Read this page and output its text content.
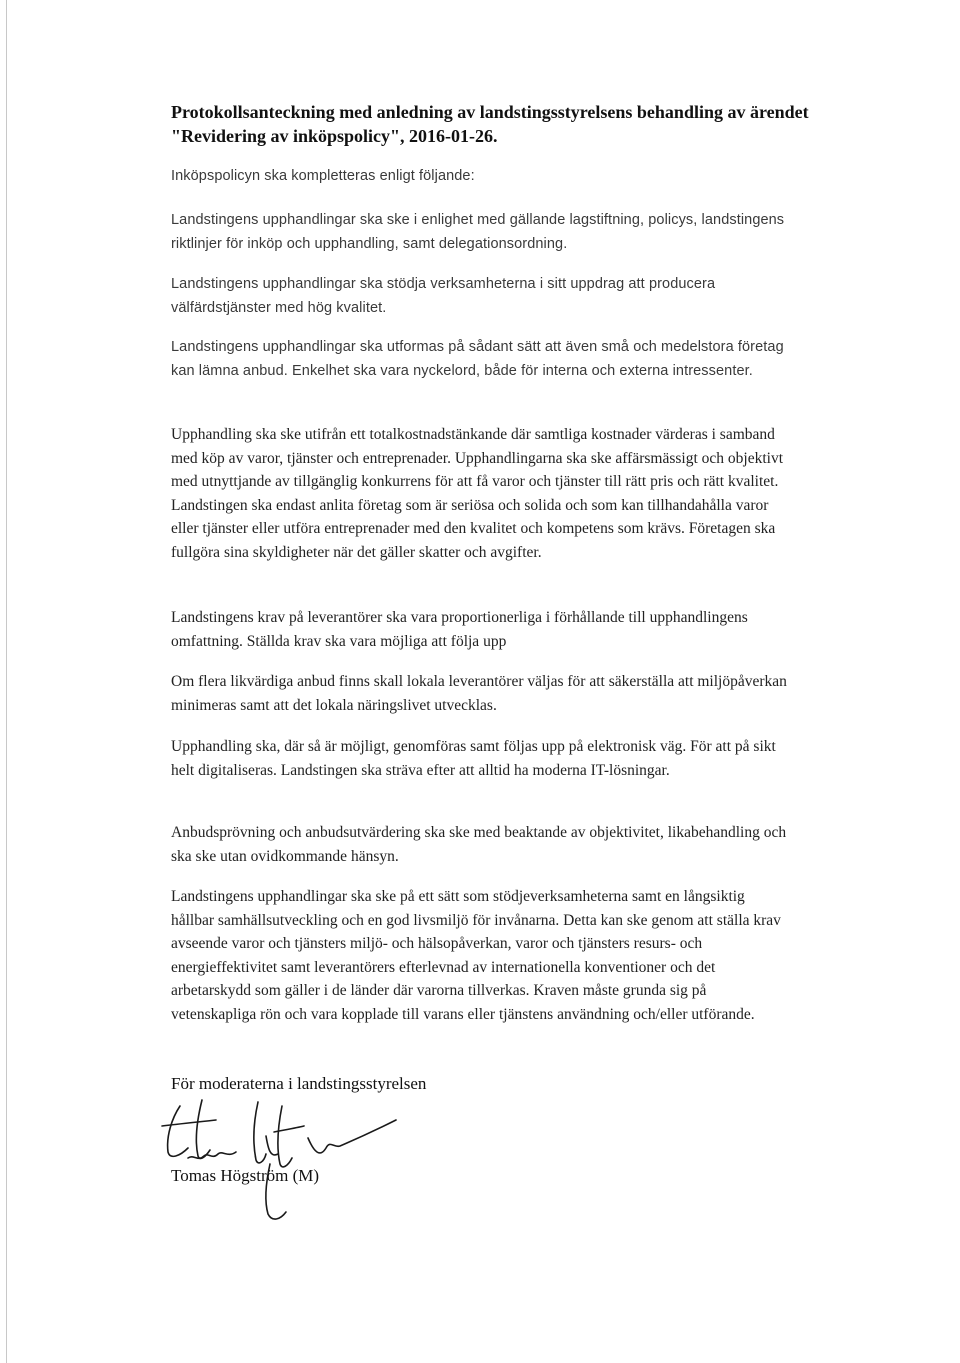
Protokollsanteckning med anledning av landstingsstyrelsens behandling av ärendet "Revidering av inköpspolicy", 2016-01-26.

Inköpspolicyn ska kompletteras enligt följande:

Landstingens upphandlingar ska ske i enlighet med gällande lagstiftning, policys, landstingens riktlinjer för inköp och upphandling, samt delegationsordning.

Landstingens upphandlingar ska stödja verksamheterna i sitt uppdrag att producera välfärdstjänster med hög kvalitet.

Landstingens upphandlingar ska utformas på sådant sätt att även små och medelstora företag kan lämna anbud. Enkelhet ska vara nyckelord, både för interna och externa intressenter.

Upphandling ska ske utifrån ett totalkostnadstänkande där samtliga kostnader värderas i samband med köp av varor, tjänster och entreprenader. Upphandlingarna ska ske affärsmässigt och objektivt med utnyttjande av tillgänglig konkurrens för att få varor och tjänster till rätt pris och rätt kvalitet. Landstingen ska endast anlita företag som är seriösa och solida och som kan tillhandahålla varor eller tjänster eller utföra entreprenader med den kvalitet och kompetens som krävs. Företagen ska fullgöra sina skyldigheter när det gäller skatter och avgifter.

Landstingens krav på leverantörer ska vara proportionerliga i förhållande till upphandlingens omfattning. Ställda krav ska vara möjliga att följa upp

Om flera likvärdiga anbud finns skall lokala leverantörer väljas för att säkerställa att miljöpåverkan minimeras samt att det lokala näringslivet utvecklas.

Upphandling ska, där så är möjligt, genomföras samt följas upp på elektronisk väg. För att på sikt helt digitaliseras. Landstingen ska sträva efter att alltid ha moderna IT-lösningar.

Anbudsprövning och anbudsutvärdering ska ske med beaktande av objektivitet, likabehandling och ska ske utan ovidkommande hänsyn.

Landstingens upphandlingar ska ske på ett sätt som stödjeverksamheterna samt en långsiktig hållbar samhällsutveckling och en god livsmiljö för invånarna. Detta kan ske genom att ställa krav avseende varor och tjänsters miljö- och hälsopåverkan, varor och tjänsters resurs- och energieffektivitet samt leverantörers efterlevnad av internationella konventioner och det arbetarskydd som gäller i de länder där varorna tillverkas. Kraven måste grunda sig på vetenskapliga rön och vara kopplade till varans eller tjänstens användning och/eller utförande.

För moderaterna i landstingsstyrelsen

Tomas Högström (M)
